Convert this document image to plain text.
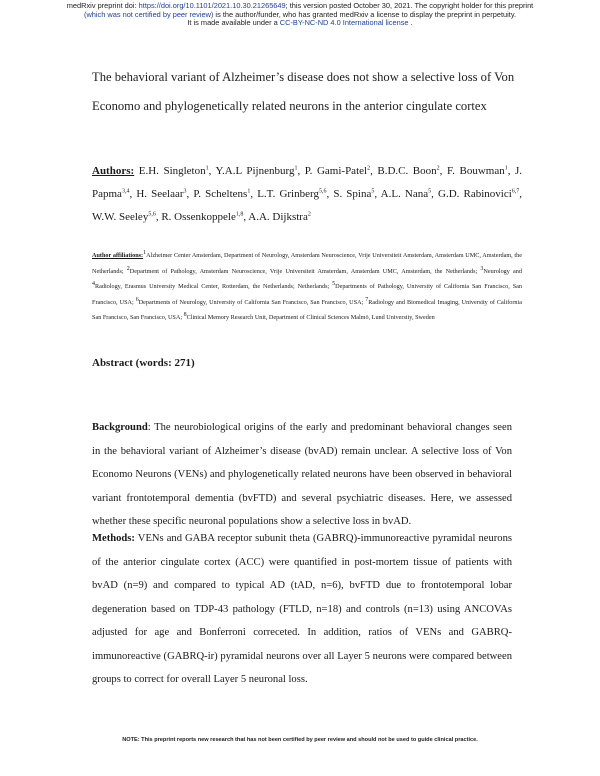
medRxiv preprint doi: https://doi.org/10.1101/2021.10.30.21265649; this version posted October 30, 2021. The copyright holder for this preprint
(which was not certified by peer review) is the author/funder, who has granted medRxiv a license to display the preprint in perpetuity.
It is made available under a CC-BY-NC-ND 4.0 International license .
The behavioral variant of Alzheimer’s disease does not show a selective loss of Von Economo and phylogenetically related neurons in the anterior cingulate cortex
Authors: E.H. Singleton$^1$, Y.A.L Pijnenburg$^1$, P. Gami-Patel$^2$, B.D.C. Boon$^2$, F. Bouwman$^1$, J. Papma$^{3,4}$, H. Seelaar$^3$, P. Scheltens$^1$, L.T. Grinberg$^{5,6}$, S. Spina$^5$, A.L. Nana$^5$, G.D. Rabinovici$^{6,7}$, W.W. Seeley$^{5,6}$, R. Ossenkoppele$^{1,8}$, A.A. Dijkstra$^2$
Author affiliations:$^1$Alzheimer Center Amsterdam, Department of Neurology, Amsterdam Neuroscience, Vrije Universiteit Amsterdam, Amsterdam UMC, Amsterdam, the Netherlands; $^2$Department of Pathology, Amsterdam Neuroscience, Vrije Universiteit Amsterdam, Amsterdam UMC, Amsterdam, the Netherlands; $^3$Neurology and $^4$Radiology, Erasmus University Medical Center, Rotterdam, the Netherlands; Netherlands; $^5$Departments of Pathology, University of California San Francisco, San Francisco, USA; $^6$Departments of Neurology, University of California San Francisco, San Francisco, USA; $^7$Radiology and Biomedical Imaging, University of California San Francisco, San Francisco, USA; $^8$Clinical Memory Research Unit, Department of Clinical Sciences Malmö, Lund University, Sweden
Abstract (words: 271)
Background: The neurobiological origins of the early and predominant behavioral changes seen in the behavioral variant of Alzheimer’s disease (bvAD) remain unclear. A selective loss of Von Economo Neurons (VENs) and phylogenetically related neurons have been observed in behavioral variant frontotemporal dementia (bvFTD) and several psychiatric diseases. Here, we assessed whether these specific neuronal populations show a selective loss in bvAD.
Methods: VENs and GABA receptor subunit theta (GABRQ)-immunoreactive pyramidal neurons of the anterior cingulate cortex (ACC) were quantified in post-mortem tissue of patients with bvAD (n=9) and compared to typical AD (tAD, n=6), bvFTD due to frontotemporal lobar degeneration based on TDP-43 pathology (FTLD, n=18) and controls (n=13) using ANCOVAs adjusted for age and Bonferroni correceted. In addition, ratios of VENs and GABRQ-immunoreactive (GABRQ-ir) pyramidal neurons over all Layer 5 neurons were compared between groups to correct for overall Layer 5 neuronal loss.
NOTE: This preprint reports new research that has not been certified by peer review and should not be used to guide clinical practice.
